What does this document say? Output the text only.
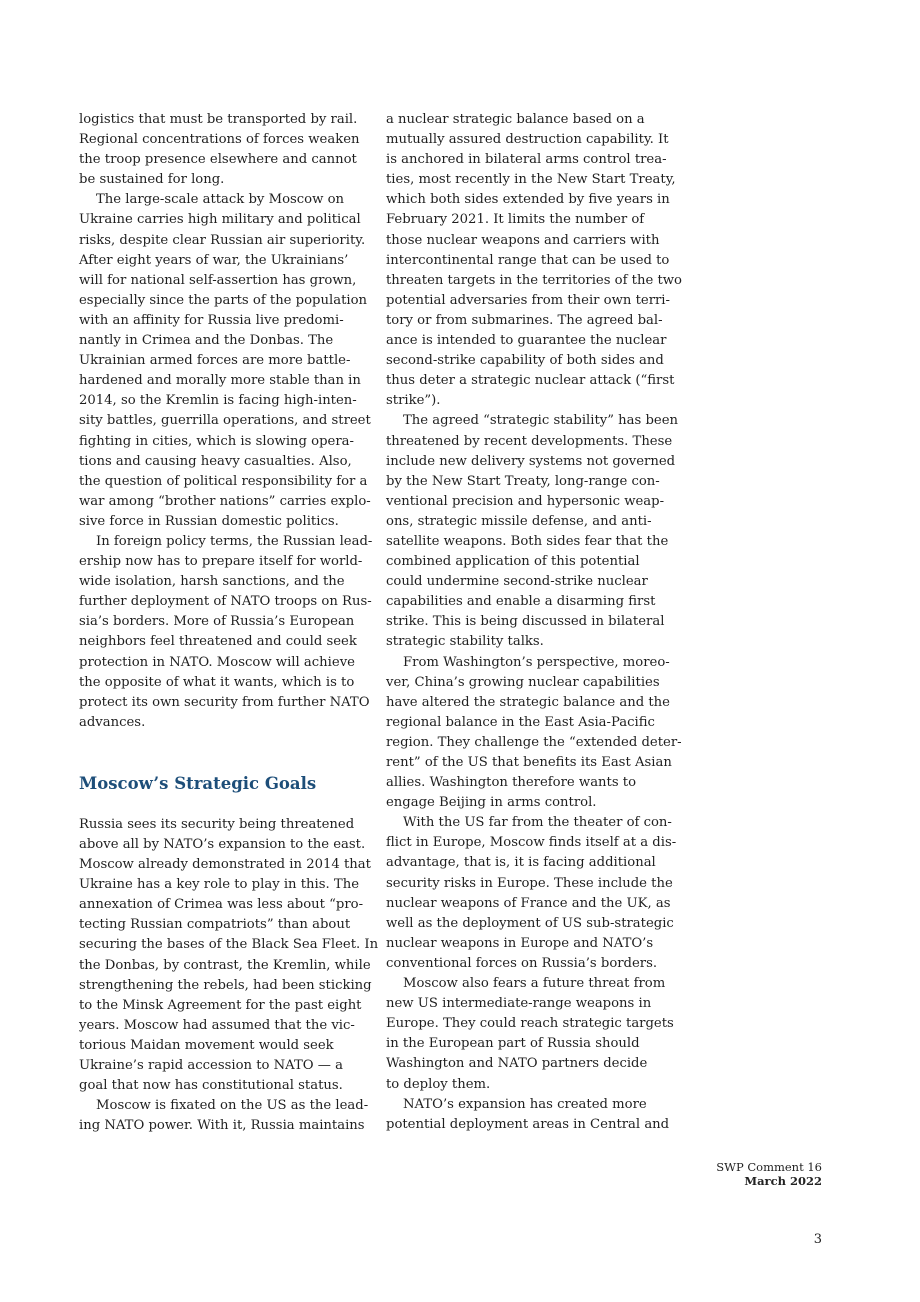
logistics that must be transported by rail.
Regional concentrations of forces weaken
the troop presence elsewhere and cannot
be sustained for long.
The large-scale attack by Moscow on
Ukraine carries high military and political
risks, despite clear Russian air superiority.
After eight years of war, the Ukrainians’
will for national self-assertion has grown,
especially since the parts of the population
with an affinity for Russia live predomi-
nantly in Crimea and the Donbas. The
Ukrainian armed forces are more battle-
hardened and morally more stable than in
2014, so the Kremlin is facing high-inten-
sity battles, guerrilla operations, and street
fighting in cities, which is slowing opera-
tions and causing heavy casualties. Also,
the question of political responsibility for a
war among “brother nations” carries explo-
sive force in Russian domestic politics.
In foreign policy terms, the Russian lead-
ership now has to prepare itself for world-
wide isolation, harsh sanctions, and the
further deployment of NATO troops on Rus-
sia’s borders. More of Russia’s European
neighbors feel threatened and could seek
protection in NATO. Moscow will achieve
the opposite of what it wants, which is to
protect its own security from further NATO
advances.
Moscow’s Strategic Goals
Russia sees its security being threatened
above all by NATO’s expansion to the east.
Moscow already demonstrated in 2014 that
Ukraine has a key role to play in this. The
annexation of Crimea was less about “pro-
tecting Russian compatriots” than about
securing the bases of the Black Sea Fleet. In
the Donbas, by contrast, the Kremlin, while
strengthening the rebels, had been sticking
to the Minsk Agreement for the past eight
years. Moscow had assumed that the vic-
torious Maidan movement would seek
Ukraine’s rapid accession to NATO — a
goal that now has constitutional status.
Moscow is fixated on the US as the lead-
ing NATO power. With it, Russia maintains
a nuclear strategic balance based on a
mutually assured destruction capability. It
is anchored in bilateral arms control trea-
ties, most recently in the New Start Treaty,
which both sides extended by five years in
February 2021. It limits the number of
those nuclear weapons and carriers with
intercontinental range that can be used to
threaten targets in the territories of the two
potential adversaries from their own terri-
tory or from submarines. The agreed bal-
ance is intended to guarantee the nuclear
second-strike capability of both sides and
thus deter a strategic nuclear attack (“first
strike”).
The agreed “strategic stability” has been
threatened by recent developments. These
include new delivery systems not governed
by the New Start Treaty, long-range con-
ventional precision and hypersonic weap-
ons, strategic missile defense, and anti-
satellite weapons. Both sides fear that the
combined application of this potential
could undermine second-strike nuclear
capabilities and enable a disarming first
strike. This is being discussed in bilateral
strategic stability talks.
From Washington’s perspective, moreo-
ver, China’s growing nuclear capabilities
have altered the strategic balance and the
regional balance in the East Asia-Pacific
region. They challenge the “extended deter-
rent” of the US that benefits its East Asian
allies. Washington therefore wants to
engage Beijing in arms control.
With the US far from the theater of con-
flict in Europe, Moscow finds itself at a dis-
advantage, that is, it is facing additional
security risks in Europe. These include the
nuclear weapons of France and the UK, as
well as the deployment of US sub-strategic
nuclear weapons in Europe and NATO’s
conventional forces on Russia’s borders.
Moscow also fears a future threat from
new US intermediate-range weapons in
Europe. They could reach strategic targets
in the European part of Russia should
Washington and NATO partners decide
to deploy them.
NATO’s expansion has created more
potential deployment areas in Central and
SWP Comment 16
March 2022
3
